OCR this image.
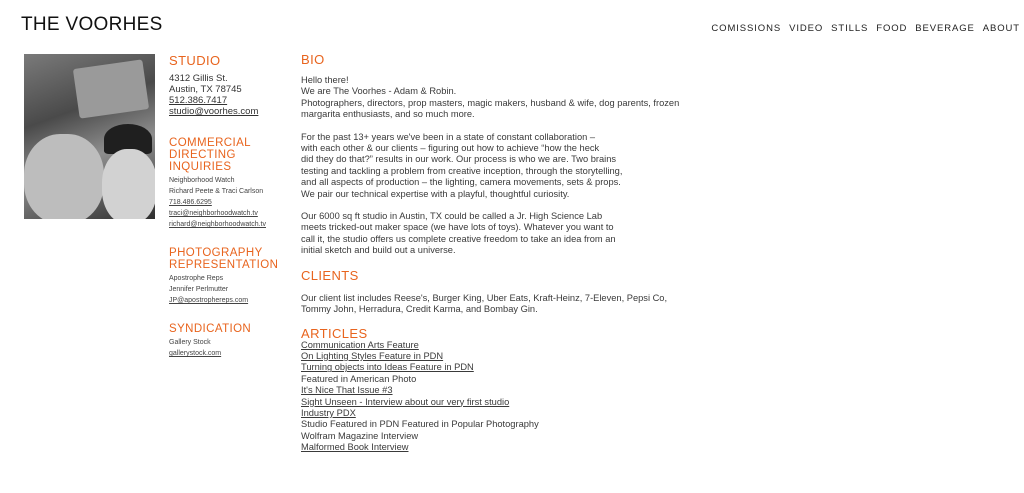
THE VOORHES	COMISSIONS VIDEO STILLS FOOD BEVERAGE ABOUT
STUDIO
4312 Gillis St.
Austin, TX 78745
512.386.7417
studio@voorhes.com
COMMERCIAL DIRECTING INQUIRIES
Neighborhood Watch
Richard Peete & Traci Carlson
718.486.6295
traci@neighborhoodwatch.tv
richard@neighborhoodwatch.tv
PHOTOGRAPHY REPRESENTATION
Apostrophe Reps
Jennifer Perlmutter
JP@apostrophereps.com
SYNDICATION
Gallery Stock
gallerystock.com
BIO

Hello there!
We are The Voorhes - Adam & Robin.
Photographers, directors, prop masters, magic makers, husband & wife, dog parents, frozen
margarita enthusiasts, and so much more.

For the past 13+ years we've been in a state of constant collaboration –
with each other & our clients – figuring out how to achieve “how the heck
did they do that?” results in our work. Our process is who we are. Two brains
testing and tackling a problem from creative inception, through the storytelling,
and all aspects of production – the lighting, camera movements, sets & props.
We pair our technical expertise with a playful, thoughtful curiosity.

Our 6000 sq ft studio in Austin, TX could be called a Jr. High Science Lab
meets tricked-out maker space (we have lots of toys). Whatever you want to
call it, the studio offers us complete creative freedom to take an idea from an
initial sketch and build out a universe.

CLIENTS

Our client list includes Reese's, Burger King, Uber Eats, Kraft-Heinz, 7-Eleven, Pepsi Co,
Tommy John, Herradura, Credit Karma, and Bombay Gin.

ARTICLES
Communication Arts Feature
On Lighting Styles Feature in PDN
Turning objects into Ideas Feature in PDN
Featured in American Photo
It's Nice That Issue #3
Sight Unseen - Interview about our very first studio
Industry PDX
Studio Featured in PDN Featured in Popular Photography
Wolfram Magazine Interview
Malformed Book Interview
